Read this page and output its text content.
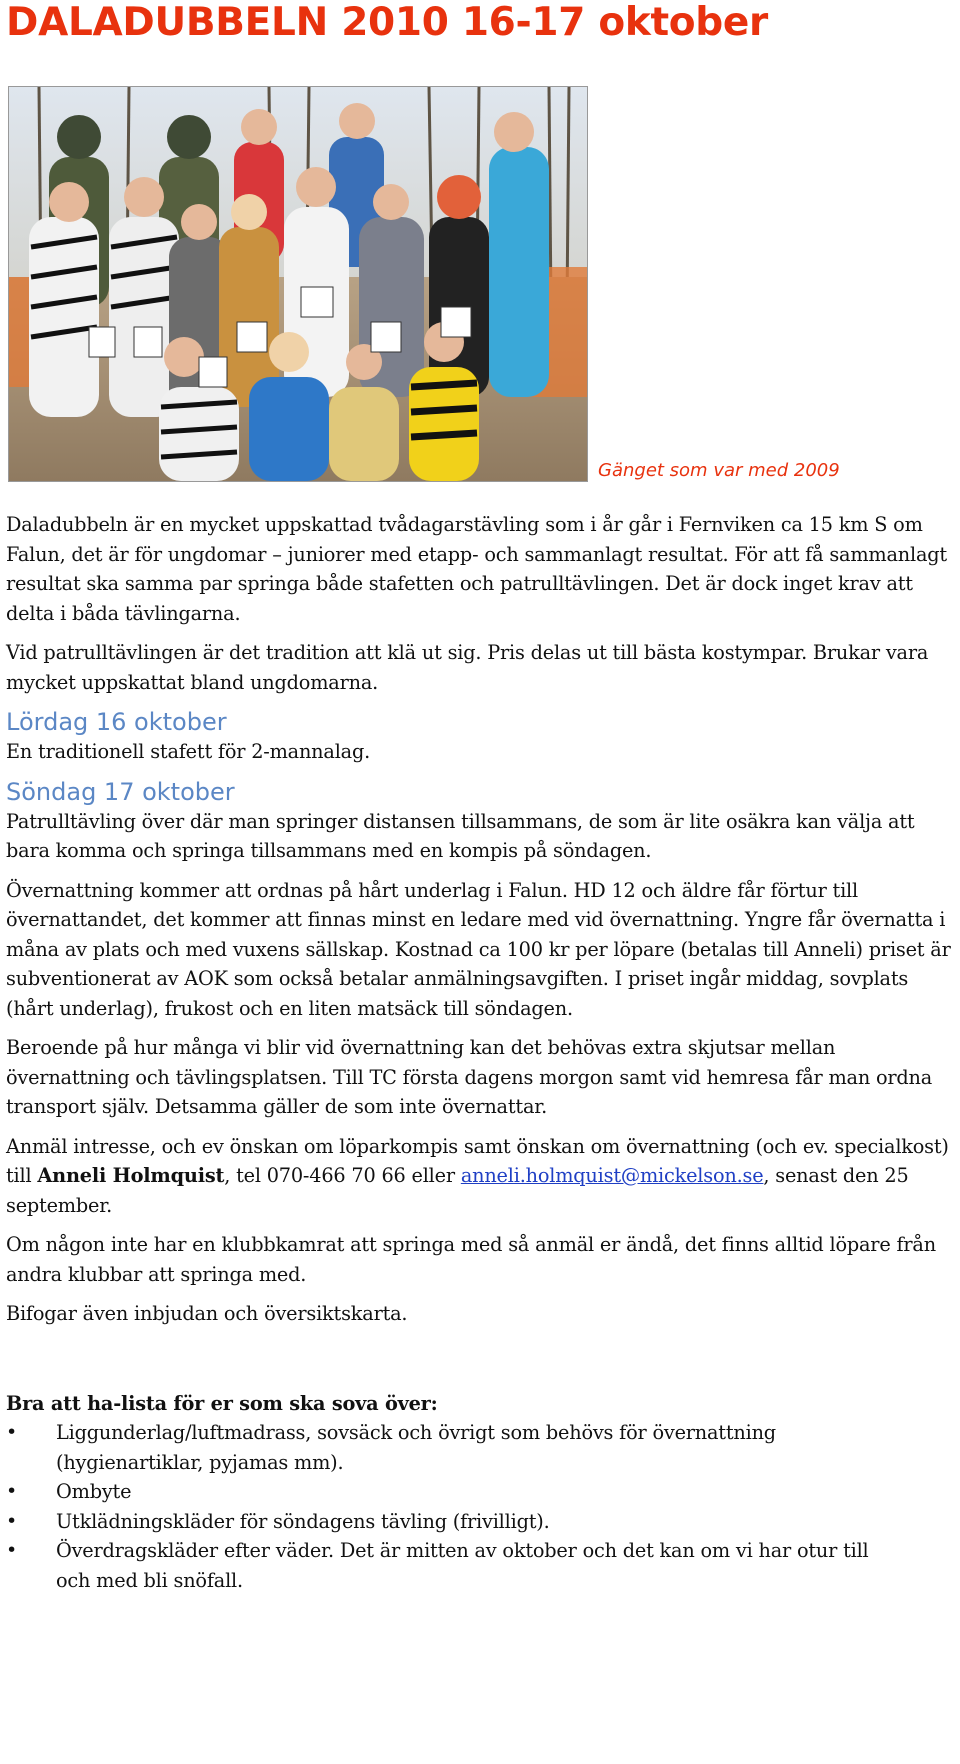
DALADUBBELN 2010 16-17 oktober

Gänget som var med 2009

Daladubbeln är en mycket uppskattad tvådagarstävling som i år går i Fernviken ca 15 km S om Falun, det är för ungdomar – juniorer med etapp- och sammanlagt resultat. För att få sammanlagt resultat ska samma par springa både stafetten och patrulltävlingen. Det är dock inget krav att delta i båda tävlingarna.

Vid patrulltävlingen är det tradition att klä ut sig. Pris delas ut till bästa kostympar. Brukar vara mycket uppskattat bland ungdomarna.

Lördag 16 oktober

En traditionell stafett för 2-mannalag.

Söndag 17 oktober

Patrulltävling över där man springer distansen tillsammans, de som är lite osäkra kan välja att bara komma och springa tillsammans med en kompis på söndagen.

Övernattning kommer att ordnas på hårt underlag i Falun. HD 12 och äldre får förtur till övernattandet, det kommer att finnas minst en ledare med vid övernattning. Yngre får övernatta i måna av plats och med vuxens sällskap. Kostnad ca 100 kr per löpare (betalas till Anneli) priset är subventionerat av AOK som också betalar anmälningsavgiften. I priset ingår middag, sovplats (hårt underlag), frukost och en liten matsäck till söndagen.

Beroende på hur många vi blir vid övernattning kan det behövas extra skjutsar mellan övernattning och tävlingsplatsen. Till TC första dagens morgon samt vid hemresa får man ordna transport själv. Detsamma gäller de som inte övernattar.

Anmäl intresse, och ev önskan om löparkompis samt önskan om övernattning (och ev. specialkost) till Anneli Holmquist, tel 070-466 70 66 eller anneli.holmquist@mickelson.se, senast den 25 september.

Om någon inte har en klubbkamrat att springa med så anmäl er ändå, det finns alltid löpare från andra klubbar att springa med.

Bifogar även inbjudan och översiktskarta.

Bra att ha-lista för er som ska sova över:

• Liggunderlag/luftmadrass, sovsäck och övrigt som behövs för övernattning (hygienartiklar, pyjamas mm).
• Ombyte
• Utklädningskläder för söndagens tävling (frivilligt).
• Överdragskläder efter väder. Det är mitten av oktober och det kan om vi har otur till och med bli snöfall.
